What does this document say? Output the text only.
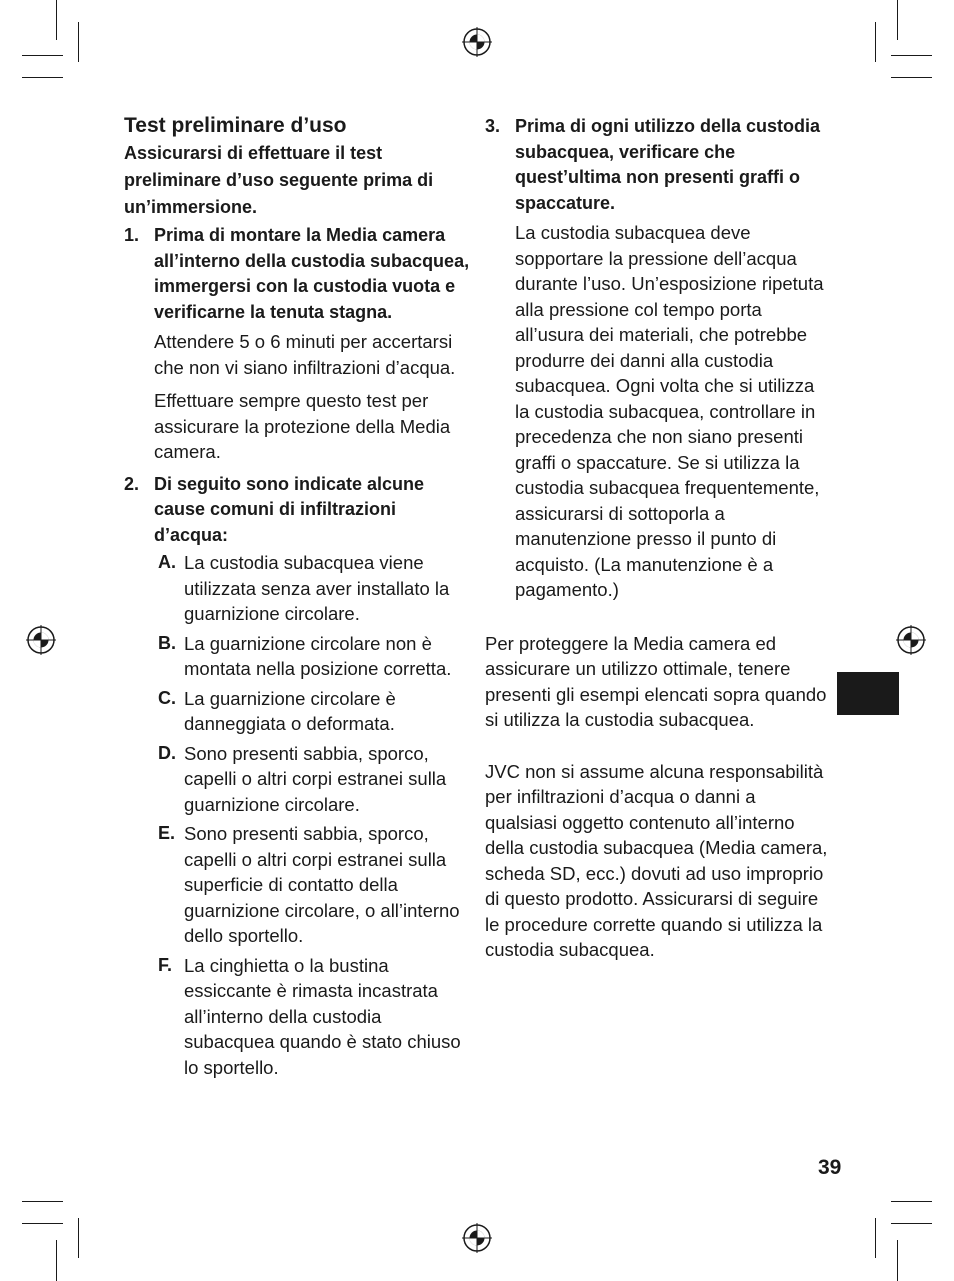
Test preliminare d’uso

Assicurarsi di effettuare il test preliminare d’uso seguente prima di un’immersione.

1. Prima di montare la Media camera all’interno della custodia subacquea, immergersi con la custodia vuota e verificarne la tenuta stagna.

Attendere 5 o 6 minuti per accertarsi che non vi siano infiltrazioni d’acqua.

Effettuare sempre questo test per assicurare la protezione della Media camera.

2. Di seguito sono indicate alcune cause comuni di infiltrazioni d’acqua:

A. La custodia subacquea viene utilizzata senza aver installato la guarnizione circolare.

B. La guarnizione circolare non è montata nella posizione corretta.

C. La guarnizione circolare è danneggiata o deformata.

D. Sono presenti sabbia, sporco, capelli o altri corpi estranei sulla guarnizione circolare.

E. Sono presenti sabbia, sporco, capelli o altri corpi estranei sulla superficie di contatto della guarnizione circolare, o all’interno dello sportello.

F. La cinghietta o la bustina essiccante è rimasta incastrata all’interno della custodia subacquea quando è stato chiuso lo sportello.

3. Prima di ogni utilizzo della custodia subacquea, verificare che quest’ultima non presenti graffi o spaccature.

La custodia subacquea deve sopportare la pressione dell’acqua durante l’uso. Un’esposizione ripetuta alla pressione col tempo porta all’usura dei materiali, che potrebbe produrre dei danni alla custodia subacquea. Ogni volta che si utilizza la custodia subacquea, controllare in precedenza che non siano presenti graffi o spaccature. Se si utilizza la custodia subacquea frequentemente, assicurarsi di sottoporla a manutenzione presso il punto di acquisto. (La manutenzione è a pagamento.)

Per proteggere la Media camera ed assicurare un utilizzo ottimale, tenere presenti gli esempi elencati sopra quando si utilizza la custodia subacquea.

JVC non si assume alcuna responsabilità per infiltrazioni d’acqua o danni a qualsiasi oggetto contenuto all’interno della custodia subacquea (Media camera, scheda SD, ecc.) dovuti ad uso improprio di questo prodotto. Assicurarsi di seguire le procedure corrette quando si utilizza la custodia subacquea.

39
